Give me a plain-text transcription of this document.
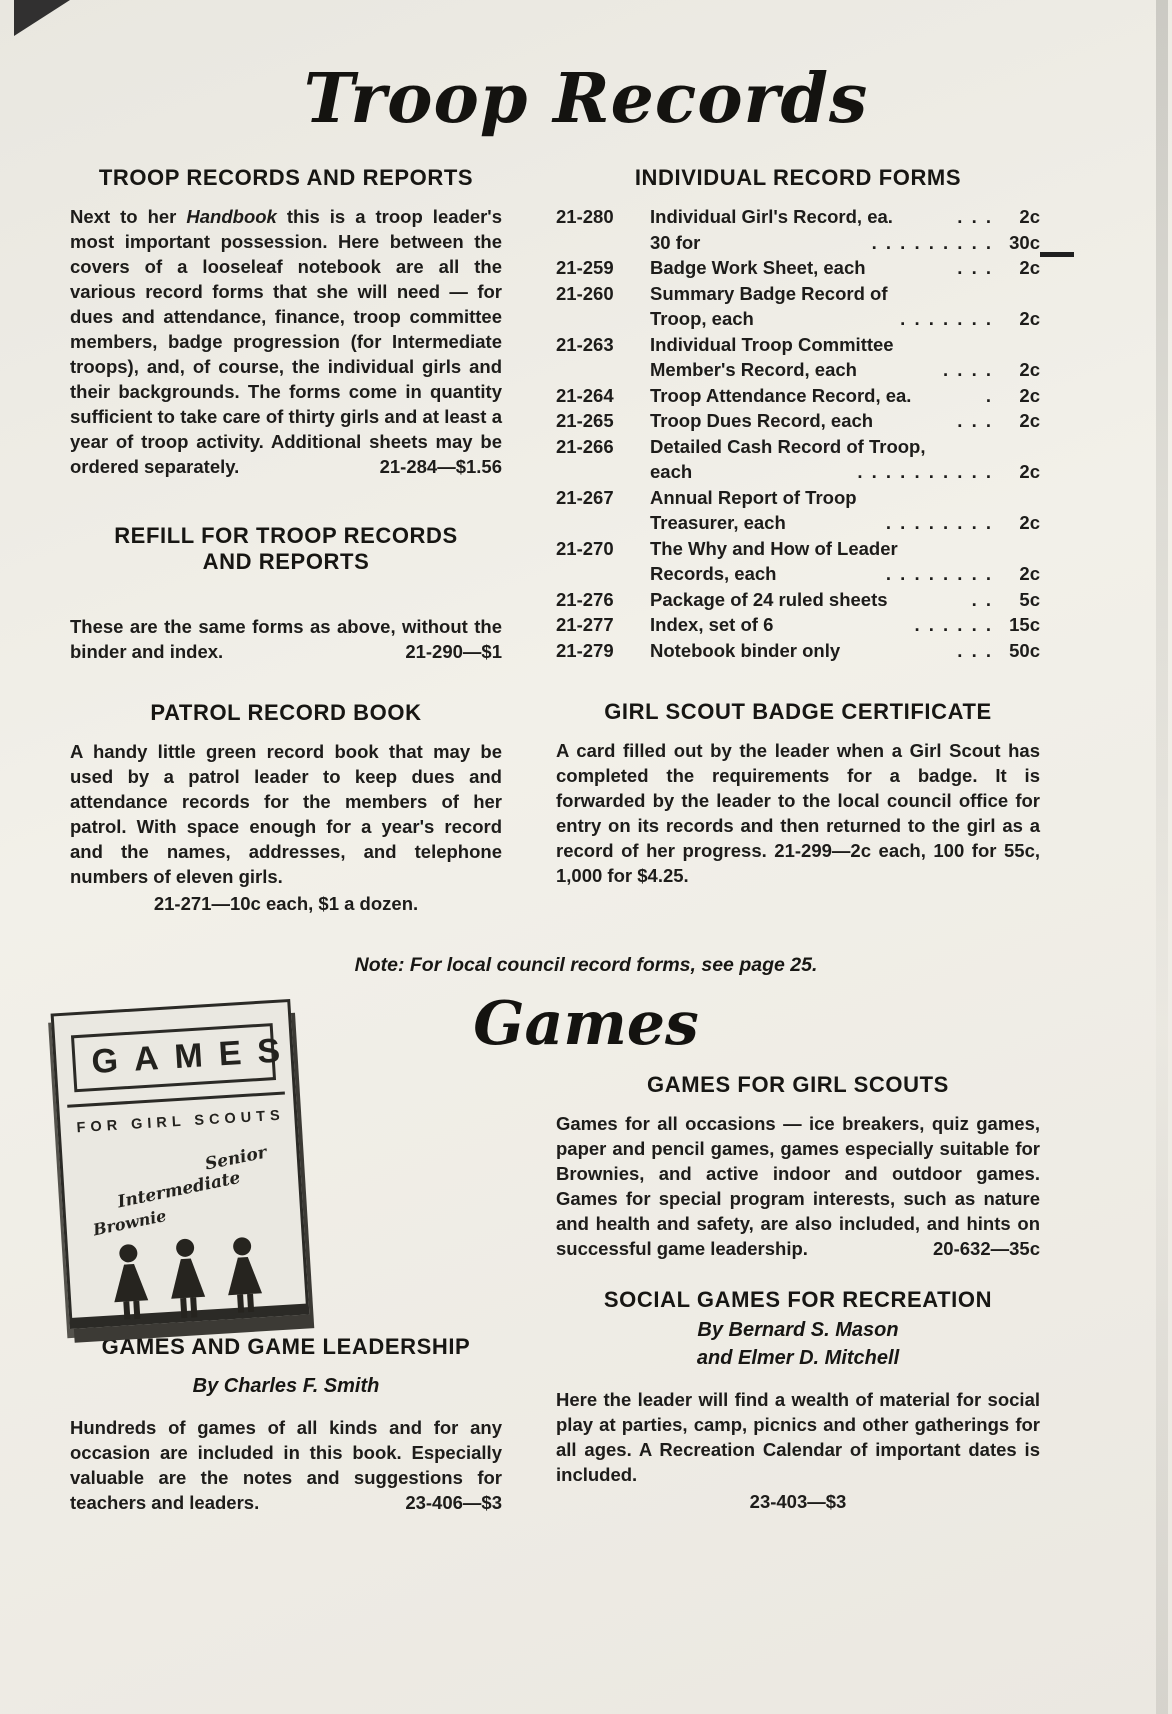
Troop Records
TROOP RECORDS AND REPORTS

Next to her Handbook this is a troop leader's most important possession. Here between the covers of a looseleaf notebook are all the various record forms that she will need — for dues and attendance, finance, troop committee members, badge progression (for Intermediate troops), and, of course, the individual girls and their backgrounds. The forms come in quantity sufficient to take care of thirty girls and at least a year of troop activity. Additional sheets may be ordered separately.	21-284—$1.56

REFILL FOR TROOP RECORDS
AND REPORTS

These are the same forms as above, without the binder and index.	21-290—$1

PATROL RECORD BOOK

A handy little green record book that may be used by a patrol leader to keep dues and attendance records for the members of her patrol. With space enough for a year's record and the names, addresses, and telephone numbers of eleven girls.

21-271—10c each, $1 a dozen.
INDIVIDUAL RECORD FORMS
21-280	Individual Girl's Record, ea.	. . .	2c
30 for	. . . . . . . . . 30c
21-259	Badge Work Sheet, each	. . .	2c
21-260	Summary Badge Record of
Troop, each	. . . . . . .	2c
21-263	Individual Troop Committee
Member's Record, each	. . . .	2c
21-264	Troop Attendance Record, ea.	.	2c
21-265	Troop Dues Record, each	. . .	2c
21-266	Detailed Cash Record of Troop,
each	. . . . . . . . . .	2c
21-267	Annual Report of Troop
Treasurer, each	. . . . . . . .	2c
21-270	The Why and How of Leader
Records, each	. . . . . . . .	2c
21-276	Package of 24 ruled sheets	. .	5c
21-277	Index, set of 6	. . . . . . 15c
21-279	Notebook binder only	. . . 50c
GIRL SCOUT BADGE CERTIFICATE

A card filled out by the leader when a Girl Scout has completed the requirements for a badge. It is forwarded by the leader to the local council office for entry on its records and then returned to the girl as a record of her progress. 21-299—2c each, 100 for 55c, 1,000 for $4.25.

Note: For local council record forms, see page 25.
Games
GAMES
FOR GIRL SCOUTS
Senior
Intermediate
Brownie
GAMES AND GAME LEADERSHIP
By Charles F. Smith

Hundreds of games of all kinds and for any occasion are included in this book. Especially valuable are the notes and suggestions for teachers and leaders.	23-406—$3

GAMES FOR GIRL SCOUTS

Games for all occasions — ice breakers, quiz games, paper and pencil games, games especially suitable for Brownies, and active indoor and outdoor games. Games for special program interests, such as nature and health and safety, are also included, and hints on successful game leadership.	20-632—35c

SOCIAL GAMES FOR RECREATION
By Bernard S. Mason
and Elmer D. Mitchell

Here the leader will find a wealth of material for social play at parties, camp, picnics and other gatherings for all ages. A Recreation Calendar of important dates is included.

23-403—$3
